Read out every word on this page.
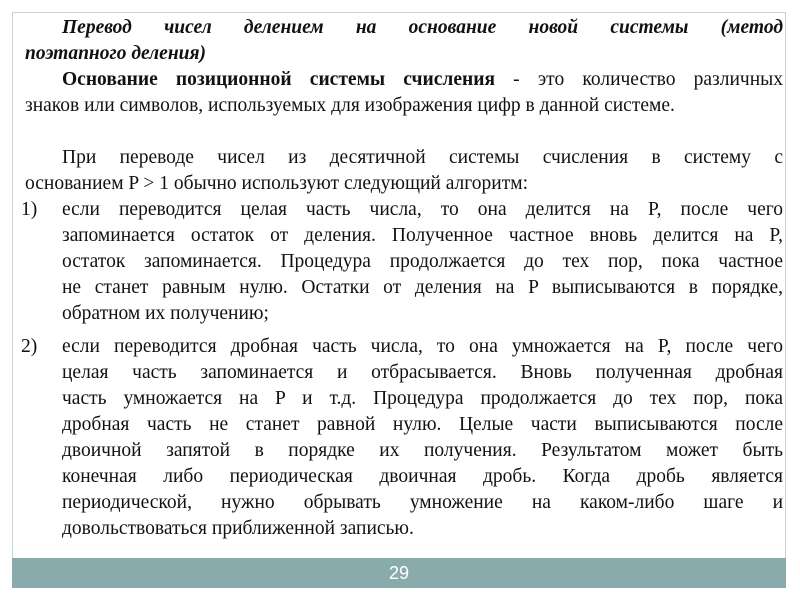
Перевод чисел делением на основание новой системы (метод
поэтапного деления)
Основание позиционной системы счисления - это количество различных
знаков или символов, используемых для изображения цифр в данной системе.
При переводе чисел из десятичной системы счисления в систему с
основанием P > 1 обычно используют следующий алгоритм:
1) если переводится целая часть числа, то она делится на P, после чего
запоминается остаток от деления. Полученное частное вновь делится на P,
остаток запоминается. Процедура продолжается до тех пор, пока частное
не станет равным нулю. Остатки от деления на P выписываются в порядке,
обратном их получению;
2) если переводится дробная часть числа, то она умножается на P, после чего
целая часть запоминается и отбрасывается. Вновь полученная дробная
часть умножается на P и т.д. Процедура продолжается до тех пор, пока
дробная часть не станет равной нулю. Целые части выписываются после
двоичной запятой в порядке их получения. Результатом может быть
конечная либо периодическая двоичная дробь. Когда дробь является
периодической, нужно обрывать умножение на каком-либо шаге и
довольствоваться приближенной записью.
29
